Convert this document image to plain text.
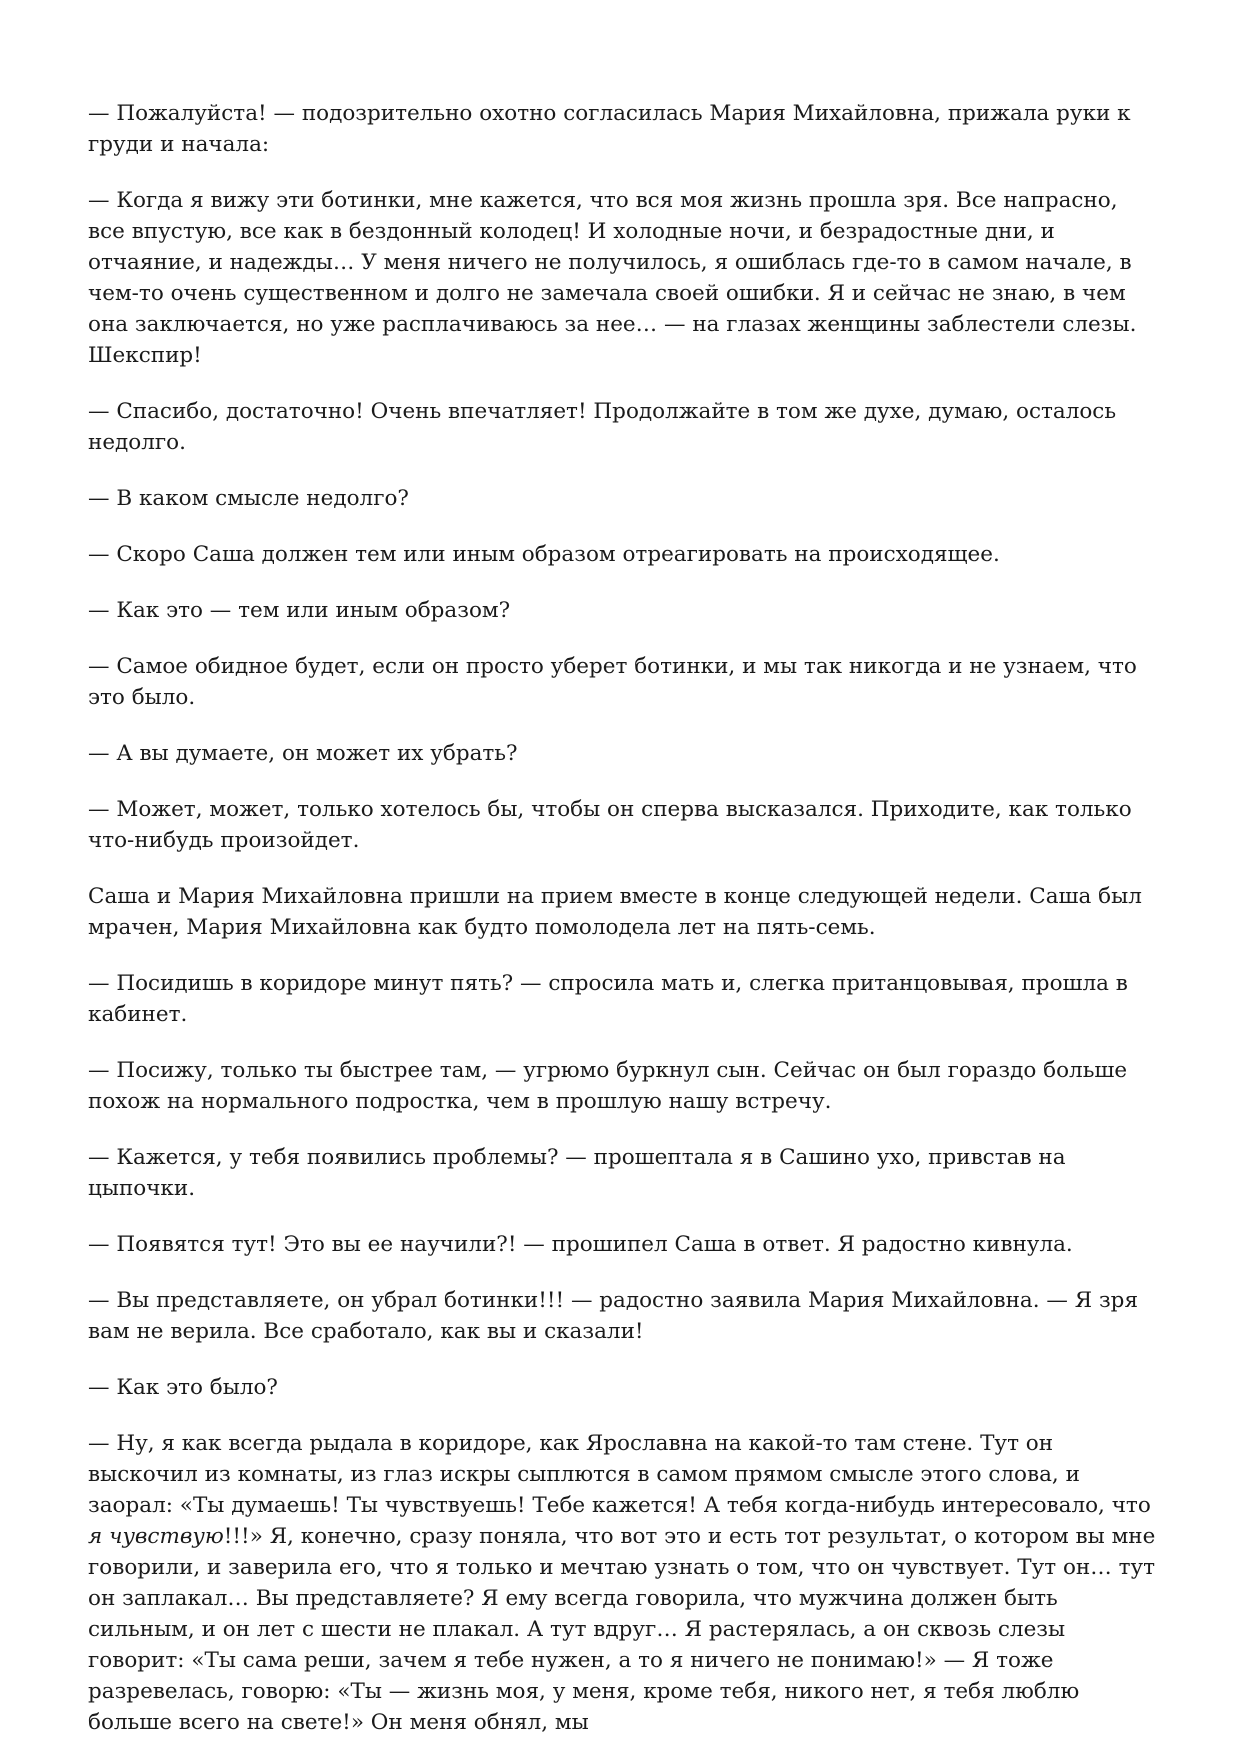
— Пожалуйста! — подозрительно охотно согласилась Мария Михайловна, прижала руки к груди и начала:

— Когда я вижу эти ботинки, мне кажется, что вся моя жизнь прошла зря. Все напрасно, все впустую, все как в бездонный колодец! И холодные ночи, и безрадостные дни, и отчаяние, и надежды… У меня ничего не получилось, я ошиблась где-то в самом начале, в чем-то очень существенном и долго не замечала своей ошибки. Я и сейчас не знаю, в чем она заключается, но уже расплачиваюсь за нее… — на глазах женщины заблестели слезы. Шекспир!

— Спасибо, достаточно! Очень впечатляет! Продолжайте в том же духе, думаю, осталось недолго.

— В каком смысле недолго?

— Скоро Саша должен тем или иным образом отреагировать на происходящее.

— Как это — тем или иным образом?

— Самое обидное будет, если он просто уберет ботинки, и мы так никогда и не узнаем, что это было.

— А вы думаете, он может их убрать?

— Может, может, только хотелось бы, чтобы он сперва высказался. Приходите, как только что-нибудь произойдет.

Саша и Мария Михайловна пришли на прием вместе в конце следующей недели. Саша был мрачен, Мария Михайловна как будто помолодела лет на пять-семь.

— Посидишь в коридоре минут пять? — спросила мать и, слегка пританцовывая, прошла в кабинет.

— Посижу, только ты быстрее там, — угрюмо буркнул сын. Сейчас он был гораздо больше похож на нормального подростка, чем в прошлую нашу встречу.

— Кажется, у тебя появились проблемы? — прошептала я в Сашино ухо, привстав на цыпочки.

— Появятся тут! Это вы ее научили?! — прошипел Саша в ответ. Я радостно кивнула.

— Вы представляете, он убрал ботинки!!! — радостно заявила Мария Михайловна. — Я зря вам не верила. Все сработало, как вы и сказали!

— Как это было?

— Ну, я как всегда рыдала в коридоре, как Ярославна на какой-то там стене. Тут он выскочил из комнаты, из глаз искры сыплются в самом прямом смысле этого слова, и заорал: «Ты думаешь! Ты чувствуешь! Тебе кажется! А тебя когда-нибудь интересовало, что я чувствую!!!» Я, конечно, сразу поняла, что вот это и есть тот результат, о котором вы мне говорили, и заверила его, что я только и мечтаю узнать о том, что он чувствует. Тут он… тут он заплакал… Вы представляете? Я ему всегда говорила, что мужчина должен быть сильным, и он лет с шести не плакал. А тут вдруг… Я растерялась, а он сквозь слезы говорит: «Ты сама реши, зачем я тебе нужен, а то я ничего не понимаю!» — Я тоже разревелась, говорю: «Ты — жизнь моя, у меня, кроме тебя, никого нет, я тебя люблю больше всего на свете!» Он меня обнял, мы
